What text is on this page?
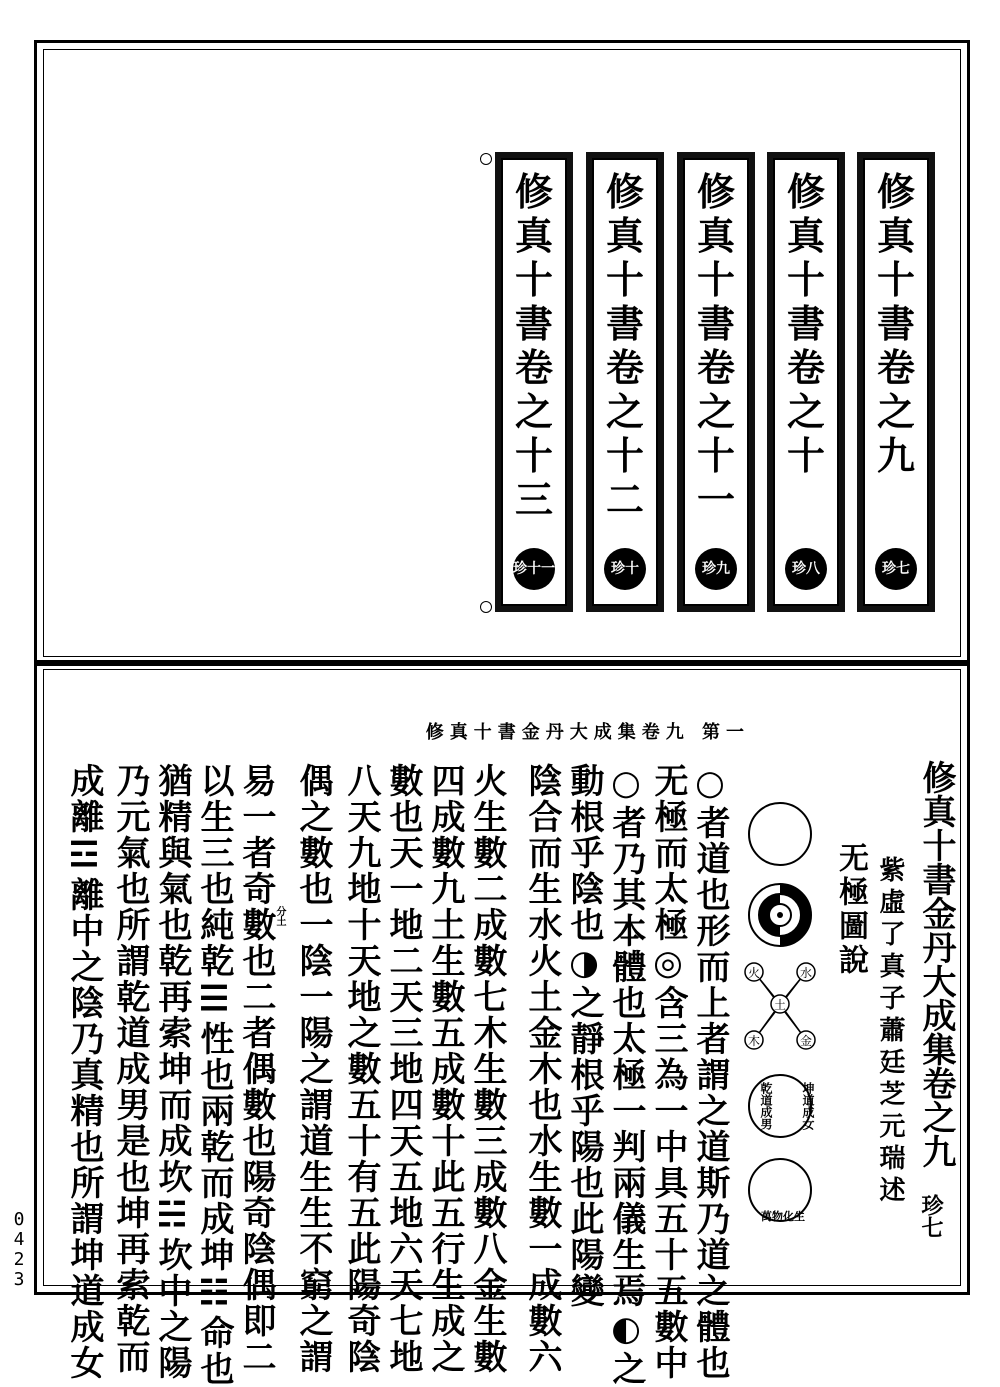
修真十書卷之九
珍七
修真十書卷之十
珍八
修真十書卷之十一
珍九
修真十書卷之十二
珍十
修真十書卷之十三
珍十一
修真十書金丹大成集卷九 第一
修真十書金丹大成集卷之九
珍七
紫虛了真子蕭廷芝元瑞述
无極圖說
火	水
土
木	金
坤道成女
乾道成男
萬物化生
分土	○者道也形而上者謂之道斯乃道之體也
无極而太極◎含三為一中具五十五數中
○者乃其本體也太極一判兩儀生焉◐之
動根乎陰也◑之靜根乎陽也此陽變
陰合而生水火土金木也水生數一成數六
火生數二成數七木生數三成數八金生數
四成數九土生數五成數十此五行生成之
數也天一地二天三地四天五地六天七地
八天九地十天地之數五十有五此陽奇陰
偶之數也一陰一陽之謂道生生不窮之謂
易一者奇數也二者偶數也陽奇陰偶即二
以生三也純乾☰性也兩乾而成坤☷命也
猶精與氣也乾再索坤而成坎☵坎中之陽
乃元氣也所謂乾道成男是也坤再索乾而
成離☲離中之陰乃真精也所謂坤道成女
0423
